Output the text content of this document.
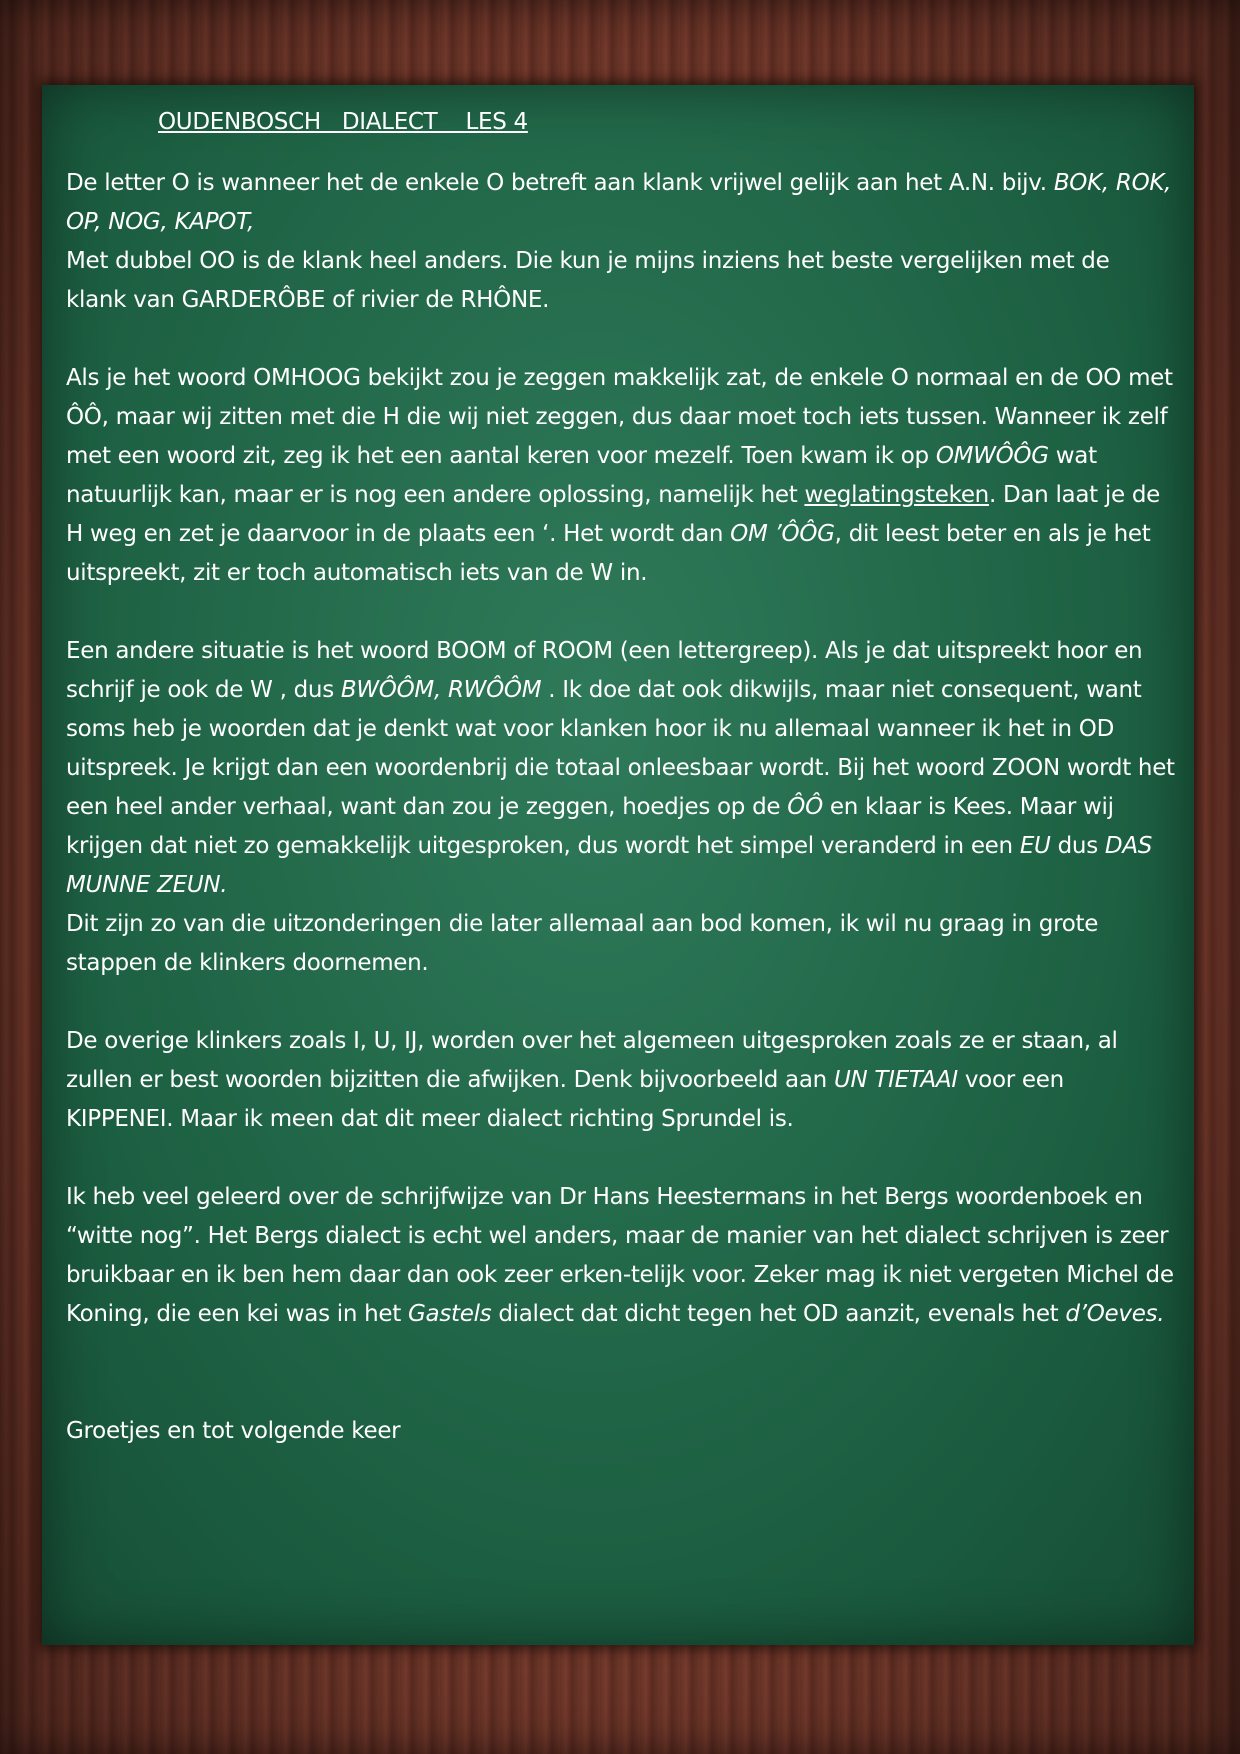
OUDENBOSCH   DIALECT    LES 4

De letter O is wanneer het de enkele O betreft aan klank vrijwel gelijk aan het A.N. bijv. BOK, ROK, OP, NOG, KAPOT,
Met dubbel OO is de klank heel anders. Die kun je mijns inziens het beste vergelijken met de klank van GARDERÔBE of rivier de RHÔNE.

Als je het woord OMHOOG bekijkt zou je zeggen makkelijk zat, de enkele O normaal en de OO met ÔÔ, maar wij zitten met die H die wij niet zeggen, dus daar moet toch iets tussen. Wanneer ik zelf met een woord zit, zeg ik het een aantal keren voor mezelf. Toen kwam ik op OMWÔÔG wat natuurlijk kan, maar er is nog een andere oplossing, namelijk het weglatingsteken. Dan laat je de H weg en zet je daarvoor in de plaats een ‘. Het wordt dan OM ’ÔÔG, dit leest beter en als je het uitspreekt, zit er toch automatisch iets van de W in.

Een andere situatie is het woord BOOM of ROOM (een lettergreep). Als je dat uitspreekt hoor en schrijf je ook de W , dus BWÔÔM, RWÔÔM . Ik doe dat ook dikwijls, maar niet consequent, want soms heb je woorden dat je denkt wat voor klanken hoor ik nu allemaal wanneer ik het in OD uitspreek. Je krijgt dan een woordenbrij die totaal onleesbaar wordt. Bij het woord ZOON wordt het een heel ander verhaal, want dan zou je zeggen, hoedjes op de ÔÔ en klaar is Kees. Maar wij krijgen dat niet zo gemakkelijk uitgesproken, dus wordt het simpel veranderd in een EU dus DAS MUNNE ZEUN.
Dit zijn zo van die uitzonderingen die later allemaal aan bod komen, ik wil nu graag in grote stappen de klinkers doornemen.

De overige klinkers zoals I, U, IJ, worden over het algemeen uitgesproken zoals ze er staan, al zullen er best woorden bijzitten die afwijken. Denk bijvoorbeeld aan UN TIETAAI voor een KIPPENEI. Maar ik meen dat dit meer dialect richting Sprundel is.

Ik heb veel geleerd over de schrijfwijze van Dr Hans Heestermans in het Bergs woordenboek en “witte nog”. Het Bergs dialect is echt wel anders, maar de manier van het dialect schrijven is zeer bruikbaar en ik ben hem daar dan ook zeer erken-telijk voor. Zeker mag ik niet vergeten Michel de Koning, die een kei was in het Gastels dialect dat dicht tegen het OD aanzit, evenals het d’Oeves.

Groetjes en tot volgende keer
